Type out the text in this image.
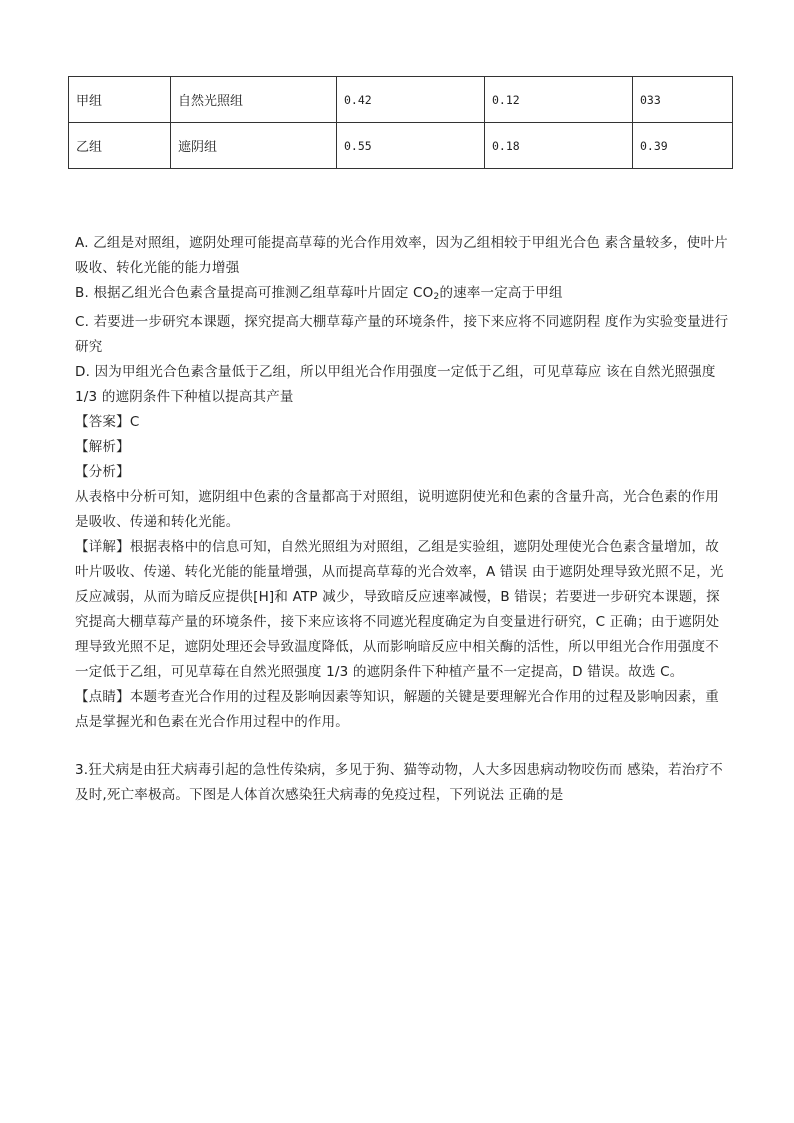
甲组	自然光照组	0.42	0.12	033
乙组	遮阴组	0.55	0.18	0.39

A. 乙组是对照组，遮阴处理可能提高草莓的光合作用效率，因为乙组相较于甲组光合色 素含量较多，使叶片吸收、转化光能的能力增强

B. 根据乙组光合色素含量提高可推测乙组草莓叶片固定 $CO_2$的速率一定高于甲组

C. 若要进一步研究本课题，探究提高大棚草莓产量的环境条件，接下来应将不同遮阴程 度作为实验变量进行研究

D. 因为甲组光合色素含量低于乙组，所以甲组光合作用强度一定低于乙组，可见草莓应 该在自然光照强度 1/3 的遮阴条件下种植以提高其产量

【答案】C

【解析】

【分析】

从表格中分析可知，遮阴组中色素的含量都高于对照组，说明遮阴使光和色素的含量升高，光合色素的作用是吸收、传递和转化光能。

【详解】根据表格中的信息可知，自然光照组为对照组，乙组是实验组，遮阴处理使光合色素含量增加，故叶片吸收、传递、转化光能的能量增强，从而提高草莓的光合效率，A 错误 由于遮阴处理导致光照不足，光反应减弱，从而为暗反应提供[H]和 ATP 减少，导致暗反应速率减慢，B 错误；若要进一步研究本课题，探究提高大棚草莓产量的环境条件，接下来应该将不同遮光程度确定为自变量进行研究，C 正确；由于遮阴处理导致光照不足，遮阴处理还会导致温度降低，从而影响暗反应中相关酶的活性，所以甲组光合作用强度不一定低于乙组，可见草莓在自然光照强度 1/3 的遮阴条件下种植产量不一定提高，D 错误。故选 C。

【点睛】本题考查光合作用的过程及影响因素等知识，解题的关键是要理解光合作用的过程及影响因素，重点是掌握光和色素在光合作用过程中的作用。

3.狂犬病是由狂犬病毒引起的急性传染病，多见于狗、猫等动物，人大多因患病动物咬伤而 感染，若治疗不及时,死亡率极高。下图是人体首次感染狂犬病毒的免疫过程，下列说法 正确的是
